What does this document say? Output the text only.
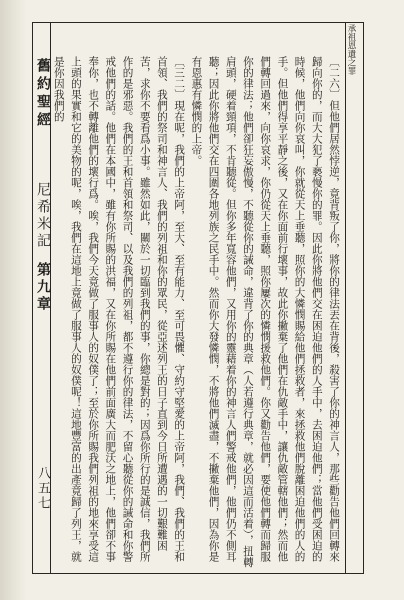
舊約聖經
尼希米記
第九章
八五七
承祖恩遺之罪
〔二六〕但他們居然悖逆，竟背叛了你，將你的律法丟在背後，殺害了你的神言人，那些勸告他們回轉來歸向你的，而大大犯了褻慢你的罪。因此你將他們交在困迫他們的人手中，去困迫他們；當他們受困迫的時候，他們向你哀叫，你就從天上垂聽，照你的大憐憫賜給他們拯救者，來拯救他們脫離困迫他們的人的手。但他們得享平靜之後，又在你面前行壞事，故此你撇棄了他們在仇敵手中，讓仇敵管轄他們；然而他們轉回過來，向你哀求，你仍從天上垂聽，照你屢次的憐憫援救他們。你又勸告他們，要使他們轉而歸服你的律法；他們卻狂妄傲慢，不聽從你的誡命，違背了你的典章（人若遵行典章，就必因這而活着），扭轉肩頭，硬着頸項，不肯聽從。但你多年寬容他們，又用你的靈藉着你的神言人們警戒他們，他們仍不側耳聽；因此你將他們交在四圍各地列族之民手中。然而你大發憐憫，不將他們滅盡，不撇棄他們，因為你是有恩惠有憐憫的上帝。
〔三二〕現在呢，我們的上帝阿，至大、至有能力、至可畏懼、守約守堅愛的上帝阿，我們、我們的王和首領、我們的祭司和神言人、我們的列祖和你的眾民，從亞述列王的日子直到今日所遭遇的一切艱難困苦，求你不要看爲小事。雖然如此，關於一切臨到我們的事，你總是對的；因爲你所行的是誠信，我們所作的是邪惡。我們的王和首領和祭司、以及我們的列祖，都不遵行你的律法，不留心聽從你的誡命和你警戒他們的話。他們在本國中，雖有你所賜的洪福，又在你所賜在他們前面廣大而肥沃之地上，他們卻不事奉你，也不轉離他們的壞行爲。唉，我們今天竟做了服事人的奴僕了；至於你所賜我們列祖的地來享受這上頭的果實和它的美物的呢，唉，我們在這地上竟做了服事人的奴僕呢！這地豐富的出產竟歸了列王，就是你因我們的
